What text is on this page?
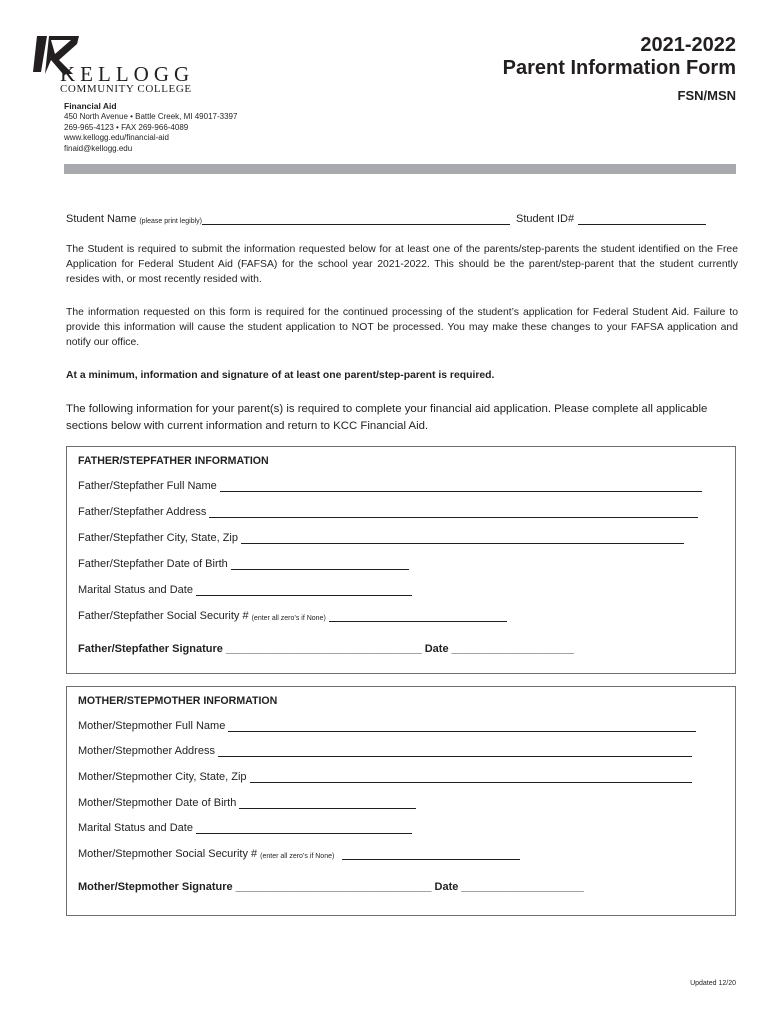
KELLOGG
COMMUNITY COLLEGE
Financial Aid
450 North Avenue • Battle Creek, MI 49017-3397
269-965-4123 • FAX 269-966-4089
www.kellogg.edu/financial-aid
finaid@kellogg.edu
2021-2022
Parent Information Form
FSN/MSN
Student Name (please print legibly)	Student ID#
The Student is required to submit the information requested below for at least one of the parents/step-parents the student identified on the Free Application for Federal Student Aid (FAFSA) for the school year 2021-2022. This should be the parent/step-parent that the student currently resides with, or most recently resided with.
The information requested on this form is required for the continued processing of the student’s application for Federal Student Aid. Failure to provide this information will cause the student application to NOT be processed. You may make these changes to your FAFSA application and notify our office.
At a minimum, information and signature of at least one parent/step-parent is required.
The following information for your parent(s) is required to complete your financial aid application. Please complete all applicable sections below with current information and return to KCC Financial Aid.
FATHER/STEPFATHER INFORMATION
Father/Stepfather Full Name
Father/Stepfather Address
Father/Stepfather City, State, Zip
Father/Stepfather Date of Birth
Marital Status and Date
Father/Stepfather Social Security # (enter all zero’s if None)
Father/Stepfather Signature ________________________________ Date ____________________
MOTHER/STEPMOTHER INFORMATION
Mother/Stepmother Full Name
Mother/Stepmother Address
Mother/Stepmother City, State, Zip
Mother/Stepmother Date of Birth
Marital Status and Date
Mother/Stepmother Social Security # (enter all zero’s if None)
Mother/Stepmother Signature ________________________________ Date ____________________
Updated 12/20
